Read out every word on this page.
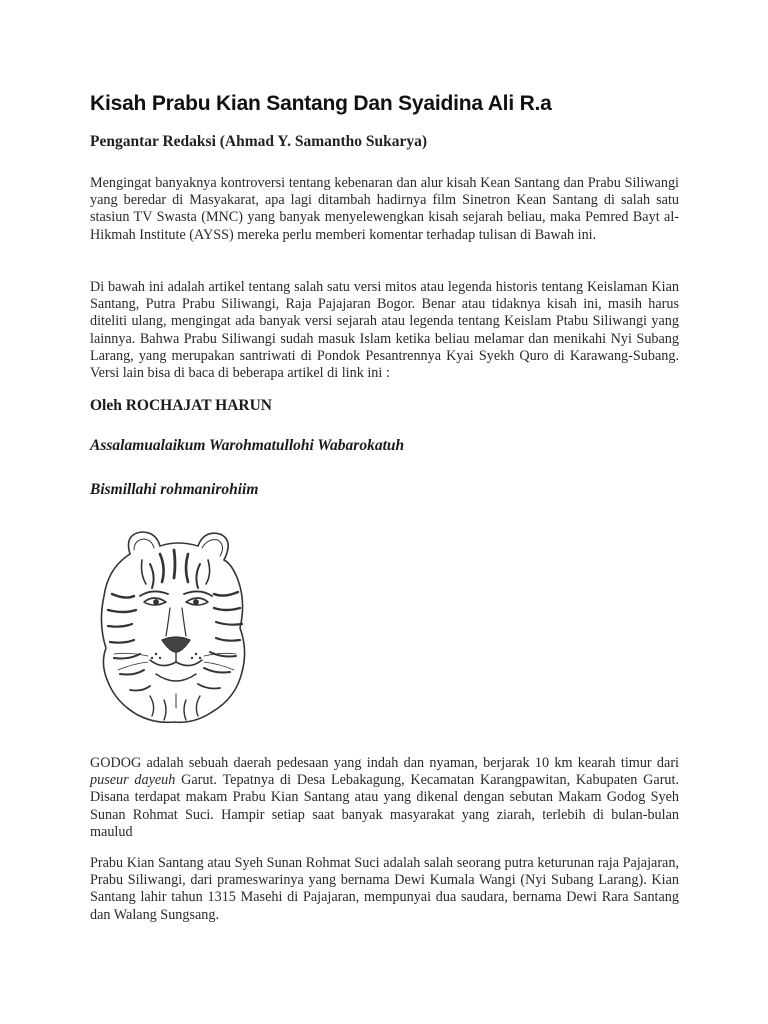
Kisah Prabu Kian Santang Dan Syaidina Ali R.a

Pengantar Redaksi (Ahmad Y. Samantho Sukarya)

Mengingat banyaknya kontroversi tentang kebenaran dan alur kisah Kean Santang dan Prabu Siliwangi yang beredar di Masyakarat, apa lagi ditambah hadirnya film Sinetron Kean Santang di salah satu stasiun TV Swasta (MNC) yang banyak menyelewengkan kisah sejarah beliau, maka Pemred Bayt al-Hikmah Institute (AYSS) mereka perlu memberi komentar terhadap tulisan di Bawah ini.

Di bawah ini adalah artikel tentang salah satu versi mitos atau legenda historis tentang Keislaman Kian Santang, Putra Prabu Siliwangi, Raja Pajajaran Bogor. Benar atau tidaknya kisah ini, masih harus diteliti ulang, mengingat ada banyak versi sejarah atau legenda tentang Keislam Ptabu Siliwangi yang lainnya. Bahwa Prabu Siliwangi sudah masuk Islam ketika beliau melamar dan menikahi Nyi Subang Larang, yang merupakan santriwati di Pondok Pesantrennya Kyai Syekh Quro di Karawang-Subang. Versi lain bisa di baca di beberapa artikel di link ini :

Oleh ROCHAJAT HARUN

Assalamualaikum Warohmatullohi Wabarokatuh

Bismillahi rohmanirohiim

GODOG adalah sebuah daerah pedesaan yang indah dan nyaman, berjarak 10 km kearah timur dari puseur dayeuh Garut. Tepatnya di Desa Lebakagung, Kecamatan Karangpawitan, Kabupaten Garut. Disana terdapat makam Prabu Kian Santang atau yang dikenal dengan sebutan Makam Godog Syeh Sunan Rohmat Suci. Hampir setiap saat banyak masyarakat yang ziarah, terlebih di bulan-bulan maulud

Prabu Kian Santang atau Syeh Sunan Rohmat Suci adalah salah seorang putra keturunan raja Pajajaran, Prabu Siliwangi, dari prameswarinya yang bernama Dewi Kumala Wangi (Nyi Subang Larang). Kian Santang lahir tahun 1315 Masehi di Pajajaran, mempunyai dua saudara, bernama Dewi Rara Santang dan Walang Sungsang.
